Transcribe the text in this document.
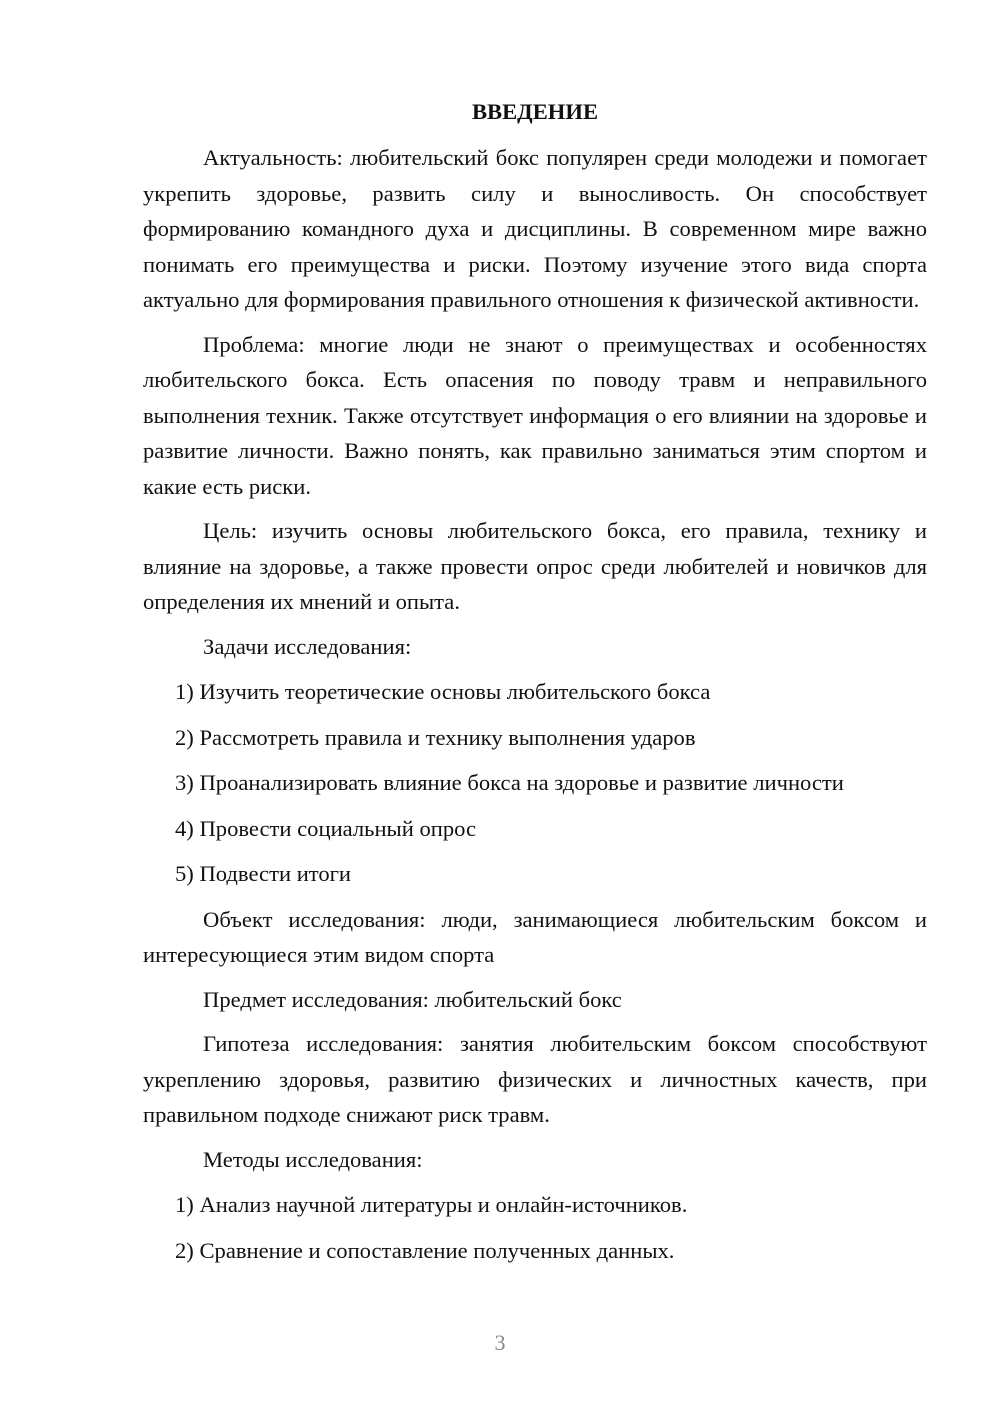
ВВЕДЕНИЕ

Актуальность: любительский бокс популярен среди молодежи и помогает укрепить здоровье, развить силу и выносливость. Он способствует формированию командного духа и дисциплины. В современном мире важно понимать его преимущества и риски. Поэтому изучение этого вида спорта актуально для формирования правильного отношения к физической активности.

Проблема: многие люди не знают о преимуществах и особенностях любительского бокса. Есть опасения по поводу травм и неправильного выполнения техник. Также отсутствует информация о его влиянии на здоровье и развитие личности. Важно понять, как правильно заниматься этим спортом и какие есть риски.

Цель: изучить основы любительского бокса, его правила, технику и влияние на здоровье, а также провести опрос среди любителей и новичков для определения их мнений и опыта.

Задачи исследования:

1) Изучить теоретические основы любительского бокса
2) Рассмотреть правила и технику выполнения ударов
3) Проанализировать влияние бокса на здоровье и развитие личности
4) Провести социальный опрос
5) Подвести итоги

Объект исследования: люди, занимающиеся любительским боксом и интересующиеся этим видом спорта

Предмет исследования: любительский бокс

Гипотеза исследования: занятия любительским боксом способствуют укреплению здоровья, развитию физических и личностных качеств, при правильном подходе снижают риск травм.

Методы исследования:

1) Анализ научной литературы и онлайн-источников.
2) Сравнение и сопоставление полученных данных.
3
